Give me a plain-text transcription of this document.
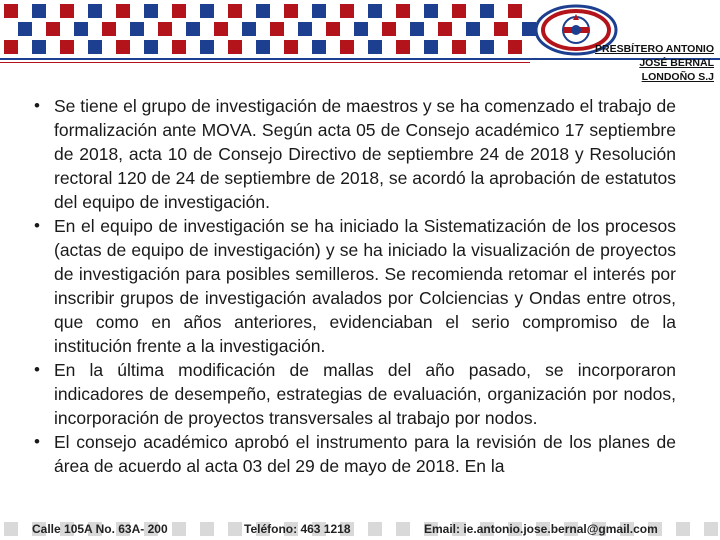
PRESBÍTERO ANTONIO
JOSÉ BERNAL
LONDOÑO S.J
• Se tiene el grupo de investigación de maestros y se ha comenzado el trabajo de formalización ante MOVA. Según acta 05 de Consejo académico 17 septiembre de 2018, acta 10 de Consejo Directivo de septiembre 24 de 2018 y Resolución rectoral 120 de 24 de septiembre de 2018, se acordó la aprobación de estatutos del equipo de investigación.
• En el equipo de investigación se ha iniciado la Sistematización de los procesos (actas de equipo de investigación) y se ha iniciado la visualización de proyectos de investigación para posibles semilleros. Se recomienda retomar el interés por inscribir grupos de investigación avalados por Colciencias y Ondas entre otros, que como en años anteriores, evidenciaban el serio compromiso de la institución frente a la investigación.
• En la última modificación de mallas del año pasado, se incorporaron indicadores de desempeño, estrategias de evaluación, organización por nodos, incorporación de proyectos transversales al trabajo por nodos.
• El consejo académico aprobó el instrumento para la revisión de los planes de área de acuerdo al acta 03 del 29 de mayo de 2018. En la
Calle 105A No. 63A- 200	Teléfono: 463 1218	Email: ie.antonio.jose.bernal@gmail.com
